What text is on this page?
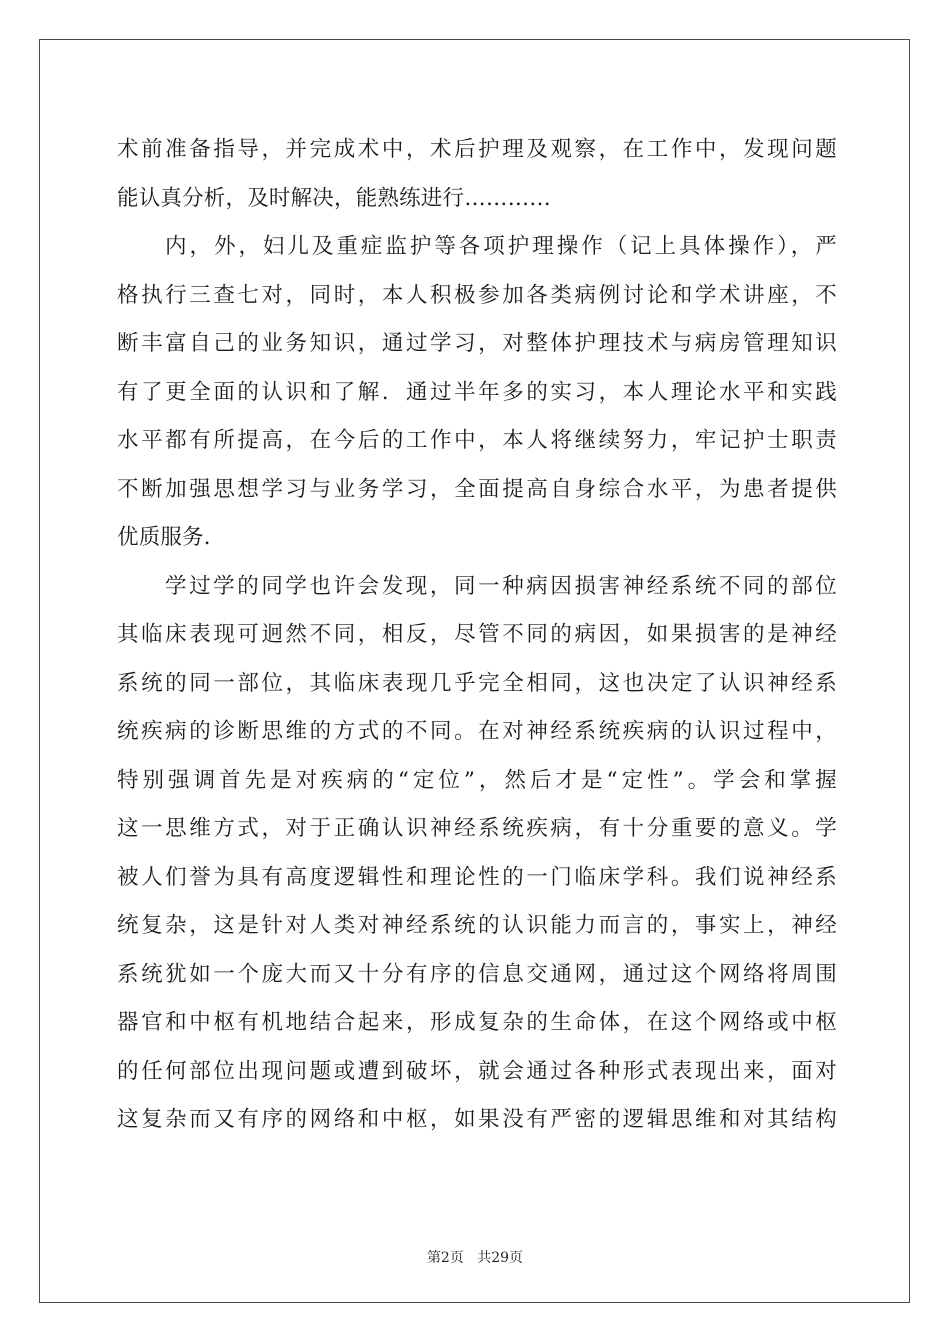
术前准备指导，并完成术中，术后护理及观察，在工作中，发现问题
能认真分析，及时解决，能熟练进行…………
内，外，妇儿及重症监护等各项护理操作（记上具体操作），严
格执行三查七对，同时，本人积极参加各类病例讨论和学术讲座，不
断丰富自己的业务知识，通过学习，对整体护理技术与病房管理知识
有了更全面的认识和了解．通过半年多的实习，本人理论水平和实践
水平都有所提高，在今后的工作中，本人将继续努力，牢记护士职责
不断加强思想学习与业务学习，全面提高自身综合水平，为患者提供
优质服务．
学过学的同学也许会发现，同一种病因损害神经系统不同的部位
其临床表现可迥然不同，相反，尽管不同的病因，如果损害的是神经
系统的同一部位，其临床表现几乎完全相同，这也决定了认识神经系
统疾病的诊断思维的方式的不同。在对神经系统疾病的认识过程中，
特别强调首先是对疾病的“定位”，然后才是“定性”。学会和掌握
这一思维方式，对于正确认识神经系统疾病，有十分重要的意义。学
被人们誉为具有高度逻辑性和理论性的一门临床学科。我们说神经系
统复杂，这是针对人类对神经系统的认识能力而言的，事实上，神经
系统犹如一个庞大而又十分有序的信息交通网，通过这个网络将周围
器官和中枢有机地结合起来，形成复杂的生命体，在这个网络或中枢
的任何部位出现问题或遭到破坏，就会通过各种形式表现出来，面对
这复杂而又有序的网络和中枢，如果没有严密的逻辑思维和对其结构
第2页 共29页
